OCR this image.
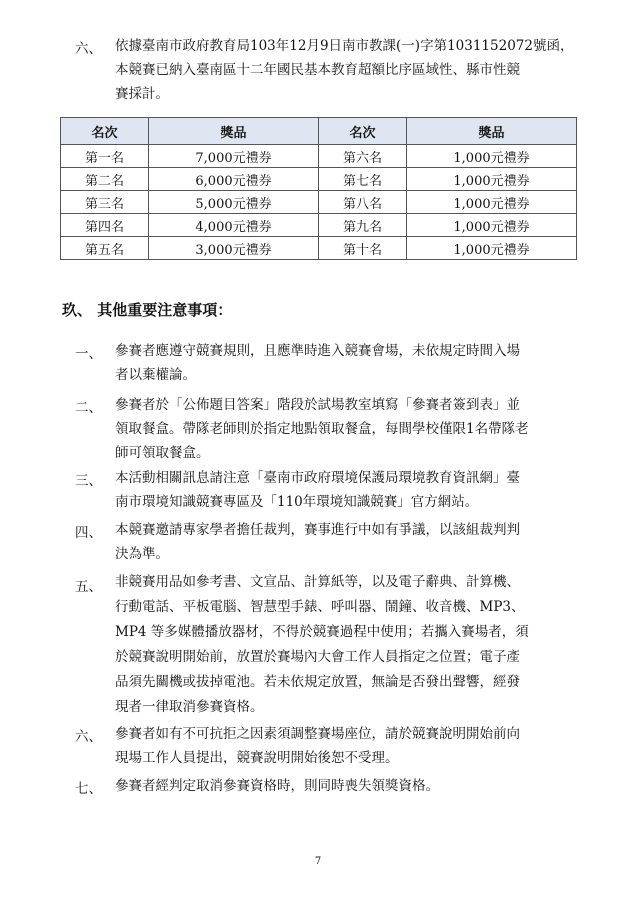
六、 依據臺南市政府教育局103年12月9日南市教課(一)字第1031152072號函，
本競賽已納入臺南區十二年國民基本教育超額比序區域性、縣市性競
賽採計。
名次	獎品	名次	獎品
第一名	7,000元禮券	第六名	1,000元禮券
第二名	6,000元禮券	第七名	1,000元禮券
第三名	5,000元禮券	第八名	1,000元禮券
第四名	4,000元禮券	第九名	1,000元禮券
第五名	3,000元禮券	第十名	1,000元禮券
玖、 其他重要注意事項：
一、 參賽者應遵守競賽規則，且應準時進入競賽會場，未依規定時間入場
者以棄權論。
二、 參賽者於「公佈題目答案」階段於試場教室填寫「參賽者簽到表」並
領取餐盒。帶隊老師則於指定地點領取餐盒，每間學校僅限1名帶隊老
師可領取餐盒。
三、 本活動相關訊息請注意「臺南市政府環境保護局環境教育資訊網」臺
南市環境知識競賽專區及「110年環境知識競賽」官方網站。
四、 本競賽邀請專家學者擔任裁判，賽事進行中如有爭議，以該組裁判判
決為準。
五、 非競賽用品如參考書、文宣品、計算紙等，以及電子辭典、計算機、
行動電話、平板電腦、智慧型手錶、呼叫器、鬧鐘、收音機、MP3、
MP4 等多媒體播放器材，不得於競賽過程中使用；若攜入賽場者，須
於競賽說明開始前，放置於賽場內大會工作人員指定之位置；電子產
品須先關機或拔掉電池。若未依規定放置，無論是否發出聲響，經發
現者一律取消參賽資格。
六、 參賽者如有不可抗拒之因素須調整賽場座位，請於競賽說明開始前向
現場工作人員提出，競賽說明開始後恕不受理。
七、 參賽者經判定取消參賽資格時，則同時喪失領獎資格。
7
